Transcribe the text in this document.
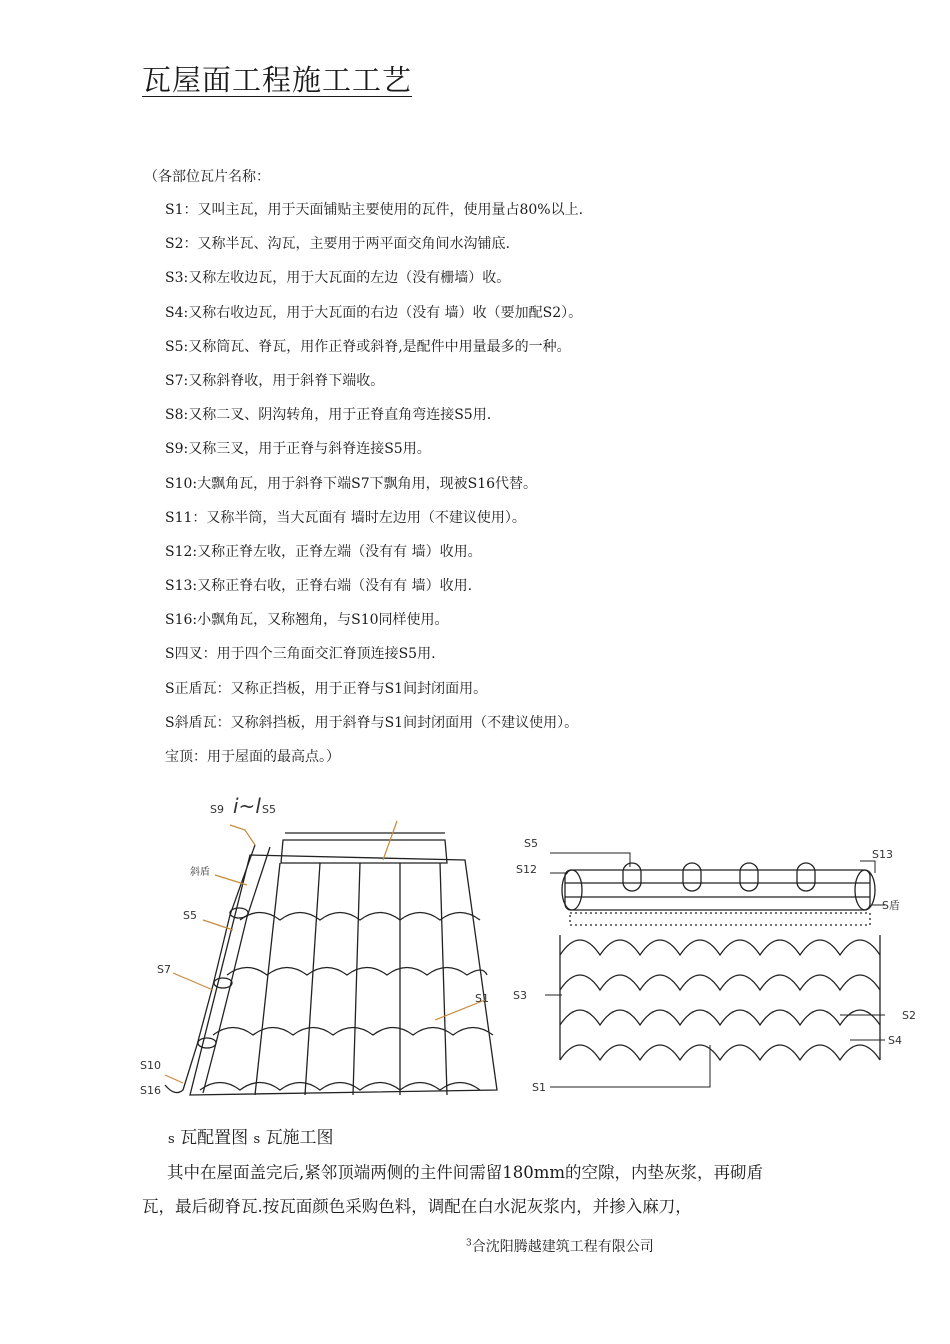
瓦屋面工程施工工艺
（各部位瓦片名称：
S1：又叫主瓦，用于天面铺贴主要使用的瓦件，使用量占80%以上.
S2：又称半瓦、沟瓦，主要用于两平面交角间水沟铺底.
S3:又称左收边瓦，用于大瓦面的左边（没有栅墙）收。
S4:又称右收边瓦，用于大瓦面的右边（没有 墙）收（要加配S2）。
S5:又称筒瓦、脊瓦，用作正脊或斜脊,是配件中用量最多的一种。
S7:又称斜脊收，用于斜脊下端收。
S8:又称二叉、阴沟转角，用于正脊直角弯连接S5用.
S9:又称三叉，用于正脊与斜脊连接S5用。
S10:大飘角瓦，用于斜脊下端S7下飘角用，现被S16代替。
S11：又称半筒，当大瓦面有 墙时左边用（不建议使用）。
S12:又称正脊左收，正脊左端（没有有 墙）收用。
S13:又称正脊右收，正脊右端（没有有 墙）收用.
S16:小飘角瓦，又称翘角，与S10同样使用。
S四叉：用于四个三角面交汇脊顶连接S5用.
S正盾瓦：又称正挡板，用于正脊与S1间封闭面用。
S斜盾瓦：又称斜挡板，用于斜脊与S1间封闭面用（不建议使用）。
宝顶：用于屋面的最高点。）
S9 i~l S5
斜盾
S5
S7
S1
S10
S16
S5
S12
S13
S盾
S3
S2
S4
S1
s 瓦配置图 s 瓦施工图
其中在屋面盖完后,紧邻顶端两侧的主件间需留180mm的空隙，内垫灰浆，再砌盾
瓦，最后砌脊瓦.按瓦面颜色采购色料，调配在白水泥灰浆内，并掺入麻刀，
$^3$合沈阳腾越建筑工程有限公司
